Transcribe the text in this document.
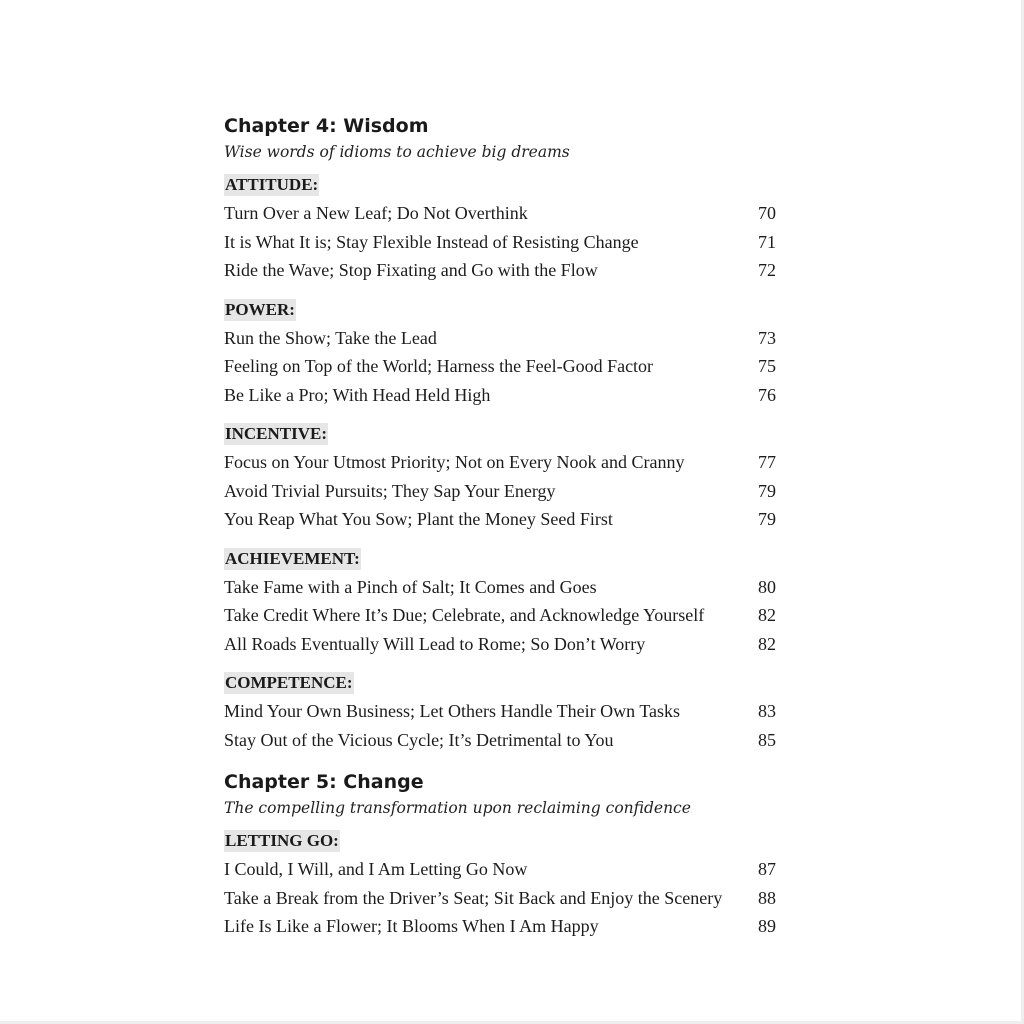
Chapter 4: Wisdom
Wise words of idioms to achieve big dreams
ATTITUDE:
Turn Over a New Leaf; Do Not Overthink	70
It is What It is; Stay Flexible Instead of Resisting Change	71
Ride the Wave; Stop Fixating and Go with the Flow	72
POWER:
Run the Show; Take the Lead	73
Feeling on Top of the World; Harness the Feel-Good Factor	75
Be Like a Pro; With Head Held High	76
INCENTIVE:
Focus on Your Utmost Priority; Not on Every Nook and Cranny	77
Avoid Trivial Pursuits; They Sap Your Energy	79
You Reap What You Sow; Plant the Money Seed First	79
ACHIEVEMENT:
Take Fame with a Pinch of Salt; It Comes and Goes	80
Take Credit Where It’s Due; Celebrate, and Acknowledge Yourself	82
All Roads Eventually Will Lead to Rome; So Don’t Worry	82
COMPETENCE:
Mind Your Own Business; Let Others Handle Their Own Tasks	83
Stay Out of the Vicious Cycle; It’s Detrimental to You	85
Chapter 5: Change
The compelling transformation upon reclaiming confidence
LETTING GO:
I Could, I Will, and I Am Letting Go Now	87
Take a Break from the Driver’s Seat; Sit Back and Enjoy the Scenery	88
Life Is Like a Flower; It Blooms When I Am Happy	89
